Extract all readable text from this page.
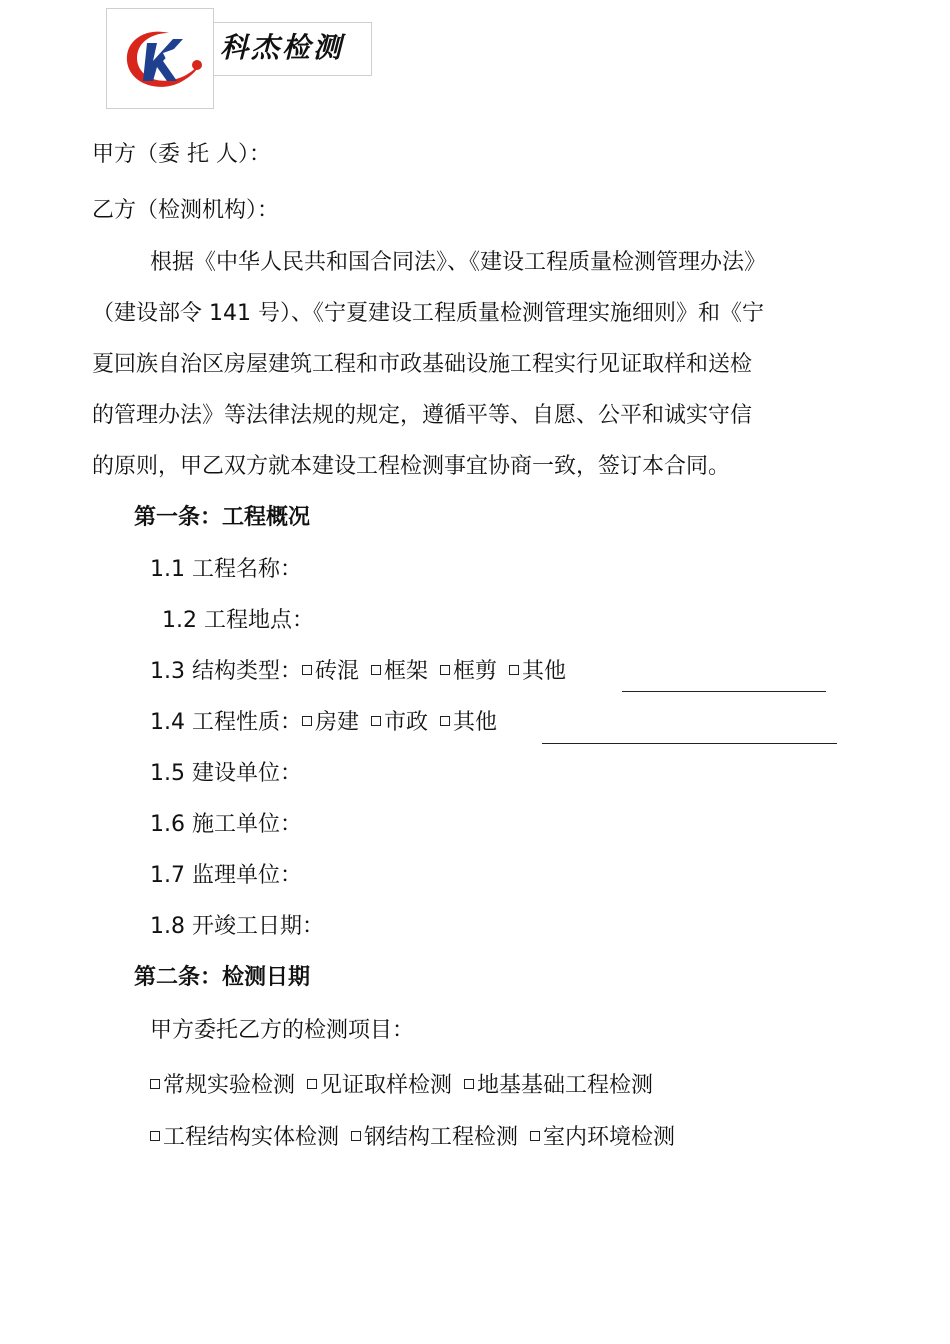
科杰检测
甲方（委 托 人）：
乙方（检测机构）：
根据《中华人民共和国合同法》、《建设工程质量检测管理办法》
（建设部令 141 号）、《宁夏建设工程质量检测管理实施细则》和《宁
夏回族自治区房屋建筑工程和市政基础设施工程实行见证取样和送检
的管理办法》等法律法规的规定，遵循平等、自愿、公平和诚实守信
的原则，甲乙双方就本建设工程检测事宜协商一致，签订本合同。
第一条：工程概况
1.1 工程名称：
1.2 工程地点：
1.3 结构类型： 砖混 框架 框剪 其他
1.4 工程性质： 房建 市政 其他
1.5 建设单位：
1.6 施工单位：
1.7 监理单位：
1.8 开竣工日期：
第二条：检测日期
甲方委托乙方的检测项目：
常规实验检测 见证取样检测 地基基础工程检测
工程结构实体检测 钢结构工程检测 室内环境检测
